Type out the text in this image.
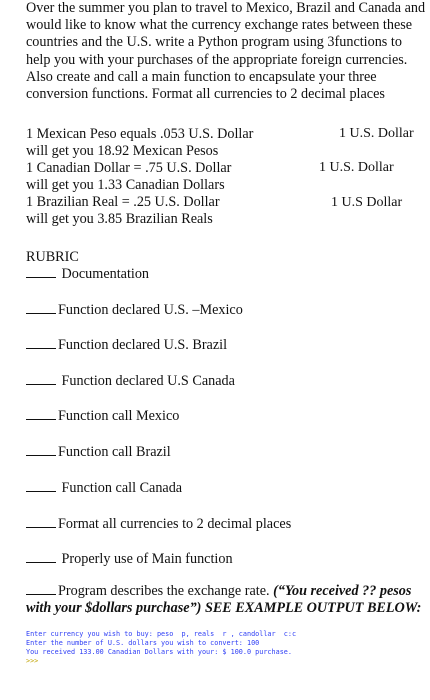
Over the summer you plan to travel to Mexico, Brazil and Canada and would like to know what the currency exchange rates between these countries and the U.S. write a Python program using 3functions to help you with your purchases of the appropriate foreign currencies. Also create and call a main function to encapsulate your three conversion functions. Format all currencies to 2 decimal places
1 Mexican Peso equals .053 U.S. Dollar	1 U.S. Dollar
will get you 18.92 Mexican Pesos
1 Canadian Dollar = .75 U.S. Dollar	1 U.S. Dollar
will get you 1.33 Canadian Dollars
1 Brazilian Real = .25 U.S. Dollar	1 U.S Dollar
will get you 3.85 Brazilian Reals
RUBRIC
Documentation
Function declared U.S. –Mexico
Function declared U.S. Brazil
Function declared U.S Canada
Function call Mexico
Function call Brazil
Function call Canada
Format all currencies to 2 decimal places
Properly use of Main function
Program describes the exchange rate. (“You received ?? pesos with your $dollars purchase”) SEE EXAMPLE OUTPUT BELOW:
Enter currency you wish to buy: peso  p, reals  r , candollar  c:c
Enter the number of U.S. dollars you wish to convert: 100
You received 133.00 Canadian Dollars with your: $ 100.0 purchase.
>>>
